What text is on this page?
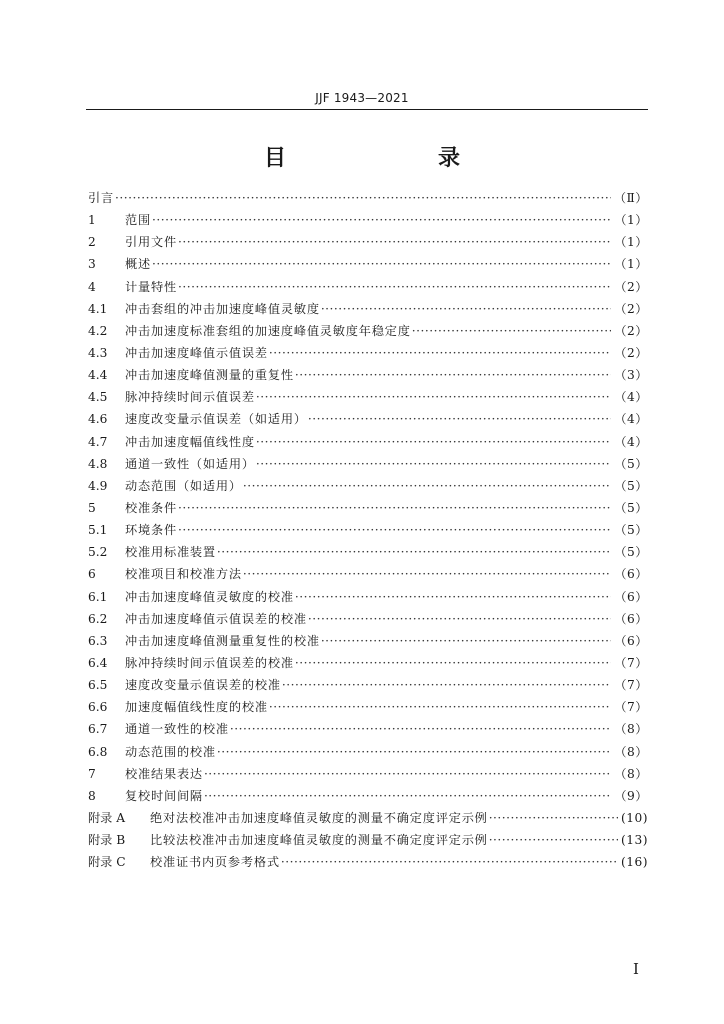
JJF 1943—2021
目　　录
引言 ·····	（Ⅱ）
1	范围 ·····	（1）
2	引用文件 ·····	（1）
3	概述 ·····	（1）
4	计量特性 ·····	（2）
4.1	冲击套组的冲击加速度峰值灵敏度 ·····	（2）
4.2	冲击加速度标准套组的加速度峰值灵敏度年稳定度 ·····	（2）
4.3	冲击加速度峰值示值误差 ·····	（2）
4.4	冲击加速度峰值测量的重复性 ·····	（3）
4.5	脉冲持续时间示值误差 ·····	（4）
4.6	速度改变量示值误差（如适用） ·····	（4）
4.7	冲击加速度幅值线性度 ·····	（4）
4.8	通道一致性（如适用） ·····	（5）
4.9	动态范围（如适用） ·····	（5）
5	校准条件 ·····	（5）
5.1	环境条件 ·····	（5）
5.2	校准用标准装置 ·····	（5）
6	校准项目和校准方法 ·····	（6）
6.1	冲击加速度峰值灵敏度的校准 ·····	（6）
6.2	冲击加速度峰值示值误差的校准 ·····	（6）
6.3	冲击加速度峰值测量重复性的校准 ·····	（6）
6.4	脉冲持续时间示值误差的校准 ·····	（7）
6.5	速度改变量示值误差的校准 ·····	（7）
6.6	加速度幅值线性度的校准 ·····	（7）
6.7	通道一致性的校准 ·····	（8）
6.8	动态范围的校准 ·····	（8）
7	校准结果表达 ·····	（8）
8	复校时间间隔 ·····	（9）
附录 A	绝对法校准冲击加速度峰值灵敏度的测量不确定度评定示例 ·····	(10)
附录 B	比较法校准冲击加速度峰值灵敏度的测量不确定度评定示例 ·····	(13)
附录 C	校准证书内页参考格式 ·····	(16)
I
